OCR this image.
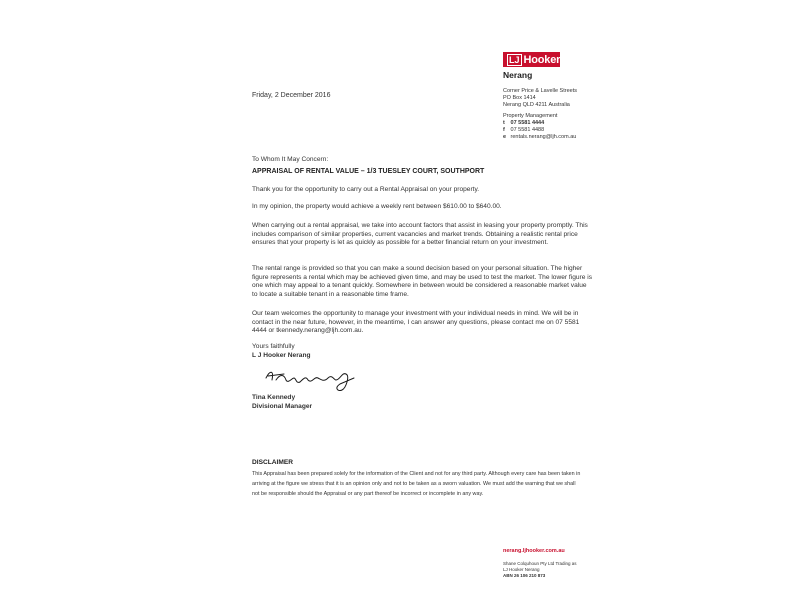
LJ Hooker
Nerang
Corner Price & Lavelle Streets
PO Box 1414
Nerang QLD 4211 Australia
Property Management
t 07 5581 4444
f 07 5581 4488
e rentals.nerang@ljh.com.au
Friday, 2 December 2016
To Whom It May Concern:
APPRAISAL OF RENTAL VALUE – 1/3 TUESLEY COURT, SOUTHPORT

Thank you for the opportunity to carry out a Rental Appraisal on your property.

In my opinion, the property would achieve a weekly rent between $610.00 to $640.00.

When carrying out a rental appraisal, we take into account factors that assist in leasing your property promptly. This includes comparison of similar properties, current vacancies and market trends. Obtaining a realistic rental price ensures that your property is let as quickly as possible for a better financial return on your investment.

The rental range is provided so that you can make a sound decision based on your personal situation. The higher figure represents a rental which may be achieved given time, and may be used to test the market. The lower figure is one which may appeal to a tenant quickly. Somewhere in between would be considered a reasonable market value to locate a suitable tenant in a reasonable time frame.

Our team welcomes the opportunity to manage your investment with your individual needs in mind. We will be in contact in the near future, however, in the meantime, I can answer any questions, please contact me on 07 5581 4444 or tkennedy.nerang@ljh.com.au.

Yours faithfully
L J Hooker Nerang
Tina Kennedy
Divisional Manager
DISCLAIMER

This Appraisal has been prepared solely for the information of the Client and not for any third party. Although every care has been taken in arriving at the figure we stress that it is an opinion only and not to be taken as a sworn valuation. We must add the warning that we shall not be responsible should the Appraisal or any part thereof be incorrect or incomplete in any way.

nerang.ljhooker.com.au
Shane Colquhoun Pty Ltd Trading as
LJ Hooker Nerang
ABN 26 106 210 873
